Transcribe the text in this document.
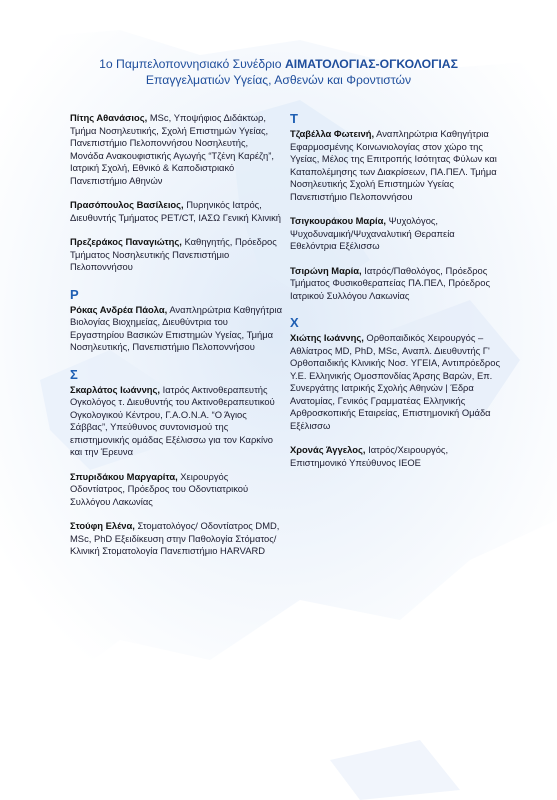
1ο Παμπελοποννησιακό Συνέδριο ΑΙΜΑΤΟΛΟΓΙΑΣ-ΟΓΚΟΛΟΓΙΑΣ
Επαγγελματιών Υγείας, Ασθενών και Φροντιστών
Πίτης Αθανάσιος, MSc, Υποψήφιος Διδάκτωρ, Τμήμα Νοσηλευτικής, Σχολή Επιστημών Υγείας, Πανεπιστήμιο Πελοποννήσου Νοσηλευτής, Μονάδα Ανακουφιστικής Αγωγής “Τζένη Καρέζη”, Ιατρική Σχολή, Εθνικό & Καποδιστριακό Πανεπιστήμιο Αθηνών
Πρασόπουλος Βασίλειος, Πυρηνικός Ιατρός, Διευθυντής Τμήματος PET/CT, ΙΑΣΩ Γενική Κλινική
Πρεζεράκος Παναγιώτης, Καθηγητής, Πρόεδρος Τμήματος Νοσηλευτικής Πανεπιστήμιο Πελοποννήσου
Ρ
Ρόκας Ανδρέα Πάολα, Αναπληρώτρια Καθηγήτρια Βιολογίας Βιοχημείας, Διευθύντρια του Εργαστηρίου Βασικών Επιστημών Υγείας, Τμήμα Νοσηλευτικής, Πανεπιστήμιο Πελοποννήσου
Σ
Σκαρλάτος Ιωάννης, Ιατρός Ακτινοθεραπευτής Ογκολόγος τ. Διευθυντής του Ακτινοθεραπευτικού Ογκολογικού Κέντρου, Γ.Α.Ο.Ν.Α. “Ο Άγιος Σάββας”, Υπεύθυνος συντονισμού της επιστημονικής ομάδας Εξέλισσω για τον Καρκίνο και την Έρευνα
Σπυριδάκου Μαργαρίτα, Χειρουργός Οδοντίατρος, Πρόεδρος του Οδοντιατρικού Συλλόγου Λακωνίας
Στούφη Ελένα, Στοματολόγος/ Οδοντίατρος DMD, MSc, PhD Εξειδίκευση στην Παθολογία Στόματος/ Κλινική Στοματολογία Πανεπιστήμιο HARVARD
Τ
Τζαβέλλα Φωτεινή, Αναπληρώτρια Καθηγήτρια Εφαρμοσμένης Κοινωνιολογίας στον χώρο της Υγείας, Μέλος της Επιτροπής Ισότητας Φύλων και Καταπολέμησης των Διακρίσεων, ΠΑ.ΠΕΛ. Τμήμα Νοσηλευτικής Σχολή Επιστημών Υγείας Πανεπιστήμιο Πελοποννήσου
Τσιγκουράκου Μαρία, Ψυχολόγος, Ψυχοδυναμική/Ψυχαναλυτική Θεραπεία Εθελόντρια Εξέλισσω
Τσιρώνη Μαρία, Ιατρός/Παθολόγος, Πρόεδρος Τμήματος Φυσικοθεραπείας ΠΑ.ΠΕΛ, Πρόεδρος Ιατρικού Συλλόγου Λακωνίας
Χ
Χιώτης Ιωάννης, Ορθοπαιδικός Χειρουργός – Αθλίατρος MD, PhD, MSc, Αναπλ. Διευθυντής Γ' Ορθοπαιδικής Κλινικής Νοσ. ΥΓΕΙΑ, Αντιπρόεδρος Υ.Ε. Ελληνικής Ομοσπονδίας Άρσης Βαρών, Επ. Συνεργάτης Ιατρικής Σχολής Αθηνών | Έδρα Ανατομίας, Γενικός Γραμματέας Ελληνικής Αρθροσκοπικής Εταιρείας, Επιστημονική Ομάδα Εξέλισσω
Χρονάς Άγγελος, Ιατρός/Χειρουργός, Επιστημονικό Υπεύθυνος ΙΕΟΕ
